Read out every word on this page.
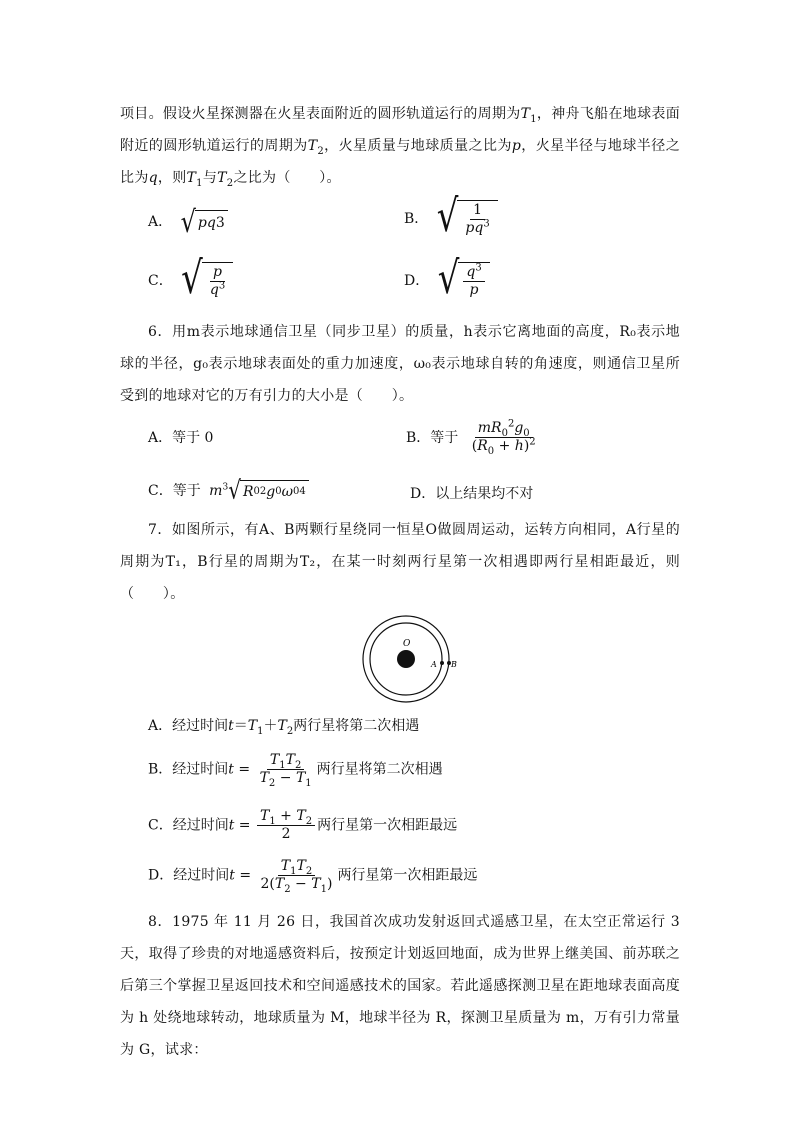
项目。假设火星探测器在火星表面附近的圆形轨道运行的周期为$T_1$，神舟飞船在地球表面附近的圆形轨道运行的周期为$T_2$，火星质量与地球质量之比为p，火星半径与地球半径之比为q，则$T_1$与$T_2$之比为（　　）。
A． √ pq 3	B． √ $\frac{1}{pq^3}$
C． √ $\frac{p}{q^3}$	D． √ $\frac{q^3}{p}$
6．用m表示地球通信卫星（同步卫星）的质量，h表示它离地面的高度，R₀表示地球的半径，g₀表示地球表面处的重力加速度，ω₀表示地球自转的角速度，则通信卫星所受到的地球对它的万有引力的大小是（　　）。
A．等于 0	B．等于 $\frac{mR_0^2g_0}{(R_0 + h)^2}$
C．等于 $m^3$ √ R 0 2 g 0 ω 0 4	D．以上结果均不对
7．如图所示，有A、B两颗行星绕同一恒星O做圆周运动，运转方向相同，A行星的周期为T₁，B行星的周期为T₂，在某一时刻两行星第一次相遇即两行星相距最近，则（　　）。
O
A B
A．经过时间$t=T_1+T_2$两行星将第二次相遇
B．经过时间$t = \frac{T_1T_2}{T_2 - T_1}$ 两行星将第二次相遇
C．经过时间$t = \frac{T_1 + T_2}{2}$ 两行星第一次相距最远
D．经过时间$t = \frac{T_1T_2}{2(T_2 - T_1)}$ 两行星第一次相距最远
8．1975 年 11 月 26 日，我国首次成功发射返回式遥感卫星，在太空正常运行 3 天，取得了珍贵的对地遥感资料后，按预定计划返回地面，成为世界上继美国、前苏联之后第三个掌握卫星返回技术和空间遥感技术的国家。若此遥感探测卫星在距地球表面高度为 h 处绕地球转动，地球质量为 M，地球半径为 R，探测卫星质量为 m，万有引力常量为 G，试求：
